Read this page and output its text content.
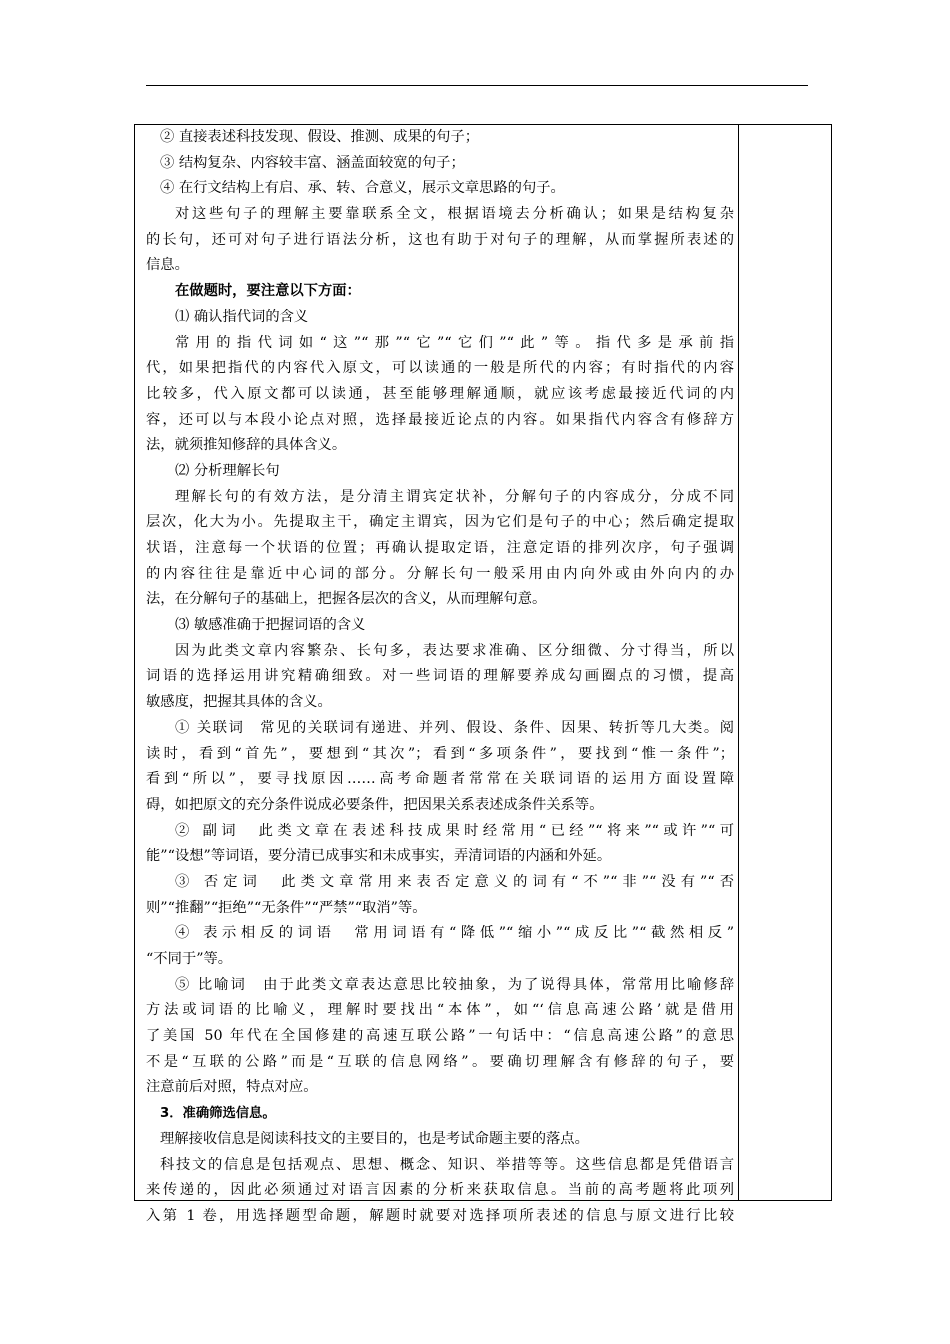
② 直接表述科技发现、假设、推测、成果的句子；
③ 结构复杂、内容较丰富、涵盖面较宽的句子；
④ 在行文结构上有启、承、转、合意义，展示文章思路的句子。
对这些句子的理解主要靠联系全文，根据语境去分析确认；如果是结构复杂
的长句，还可对句子进行语法分析，这也有助于对句子的理解，从而掌握所表述的
信息。
在做题时，要注意以下方面：
⑴ 确认指代词的含义
常用的指代词如“这”“那”“它”“它们”“此”等。指代多是承前指
代，如果把指代的内容代入原文，可以读通的一般是所代的内容；有时指代的内容
比较多，代入原文都可以读通，甚至能够理解通顺，就应该考虑最接近代词的内
容，还可以与本段小论点对照，选择最接近论点的内容。如果指代内容含有修辞方
法，就须推知修辞的具体含义。
⑵ 分析理解长句
理解长句的有效方法，是分清主谓宾定状补，分解句子的内容成分，分成不同
层次，化大为小。先提取主干，确定主谓宾，因为它们是句子的中心；然后确定提取
状语，注意每一个状语的位置；再确认提取定语，注意定语的排列次序，句子强调
的内容往往是靠近中心词的部分。分解长句一般采用由内向外或由外向内的办
法，在分解句子的基础上，把握各层次的含义，从而理解句意。
⑶ 敏感准确于把握词语的含义
因为此类文章内容繁杂、长句多，表达要求准确、区分细微、分寸得当，所以
词语的选择运用讲究精确细致。对一些词语的理解要养成勾画圈点的习惯，提高
敏感度，把握其具体的含义。
① 关联词　常见的关联词有递进、并列、假设、条件、因果、转折等几大类。阅
读时，看到“首先”，要想到“其次”；看到“多项条件”，要找到“惟一条件”；
看到“所以”，要寻找原因……高考命题者常常在关联词语的运用方面设置障
碍，如把原文的充分条件说成必要条件，把因果关系表述成条件关系等。
② 副词　此类文章在表述科技成果时经常用“已经”“将来”“或许”“可
能”“设想”等词语，要分清已成事实和未成事实，弄清词语的内涵和外延。
③ 否定词　此类文章常用来表否定意义的词有“不”“非”“没有”“否
则”“推翻”“拒绝”“无条件”“严禁”“取消”等。
④ 表示相反的词语　常用词语有“降低”“缩小”“成反比”“截然相反”
“不同于”等。
⑤ 比喻词　由于此类文章表达意思比较抽象，为了说得具体，常常用比喻修辞
方法或词语的比喻义，理解时要找出“本体”，如“‘信息高速公路’就是借用
了美国 50 年代在全国修建的高速互联公路”一句话中：“信息高速公路”的意思
不是“互联的公路”而是“互联的信息网络”。要确切理解含有修辞的句子，要
注意前后对照，特点对应。
3．准确筛选信息。
理解接收信息是阅读科技文的主要目的，也是考试命题主要的落点。
科技文的信息是包括观点、思想、概念、知识、举措等等。这些信息都是凭借语言
来传递的，因此必须通过对语言因素的分析来获取信息。当前的高考题将此项列
入第 1 卷，用选择题型命题，解题时就要对选择项所表述的信息与原文进行比较
